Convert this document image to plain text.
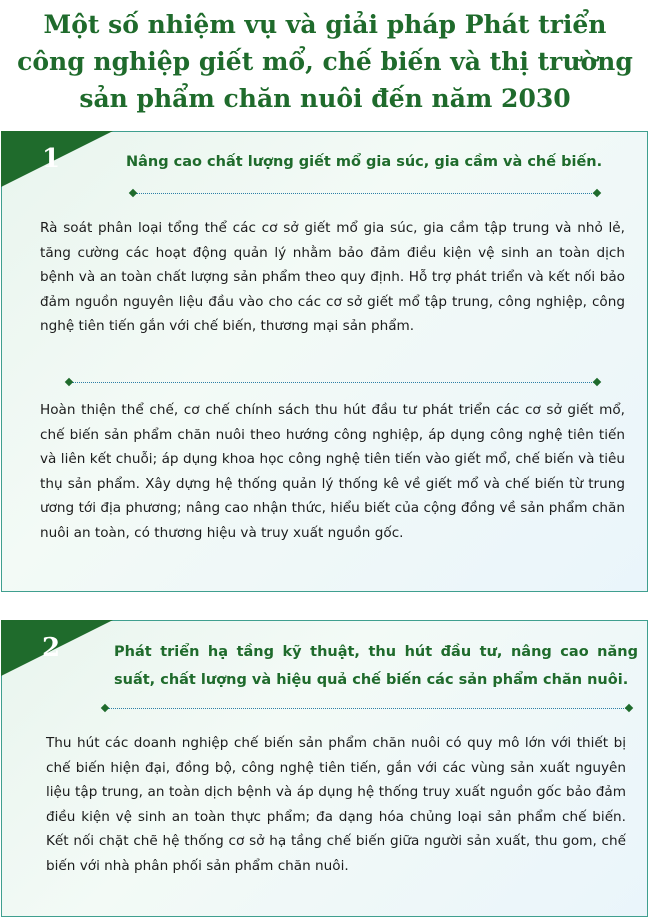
Một số nhiệm vụ và giải pháp Phát triển
công nghiệp giết mổ, chế biến và thị trường
sản phẩm chăn nuôi đến năm 2030
1	Nâng cao chất lượng giết mổ gia súc, gia cầm và chế biến.
Rà soát phân loại tổng thể các cơ sở giết mổ gia súc, gia cầm tập trung và nhỏ lẻ, tăng cường các hoạt động quản lý nhằm bảo đảm điều kiện vệ sinh an toàn dịch bệnh và an toàn chất lượng sản phẩm theo quy định. Hỗ trợ phát triển và kết nối bảo đảm nguồn nguyên liệu đầu vào cho các cơ sở giết mổ tập trung, công nghiệp, công nghệ tiên tiến gắn với chế biến, thương mại sản phẩm.
Hoàn thiện thể chế, cơ chế chính sách thu hút đầu tư phát triển các cơ sở giết mổ, chế biến sản phẩm chăn nuôi theo hướng công nghiệp, áp dụng công nghệ tiên tiến và liên kết chuỗi; áp dụng khoa học công nghệ tiên tiến vào giết mổ, chế biến và tiêu thụ sản phẩm. Xây dựng hệ thống quản lý thống kê về giết mổ và chế biến từ trung ương tới địa phương; nâng cao nhận thức, hiểu biết của cộng đồng về sản phẩm chăn nuôi an toàn, có thương hiệu và truy xuất nguồn gốc.
2	Phát triển hạ tầng kỹ thuật, thu hút đầu tư, nâng cao năng suất, chất lượng và hiệu quả chế biến các sản phẩm chăn nuôi.
Thu hút các doanh nghiệp chế biến sản phẩm chăn nuôi có quy mô lớn với thiết bị chế biến hiện đại, đồng bộ, công nghệ tiên tiến, gắn với các vùng sản xuất nguyên liệu tập trung, an toàn dịch bệnh và áp dụng hệ thống truy xuất nguồn gốc bảo đảm điều kiện vệ sinh an toàn thực phẩm; đa dạng hóa chủng loại sản phẩm chế biến. Kết nối chặt chẽ hệ thống cơ sở hạ tầng chế biến giữa người sản xuất, thu gom, chế biến với nhà phân phối sản phẩm chăn nuôi.
